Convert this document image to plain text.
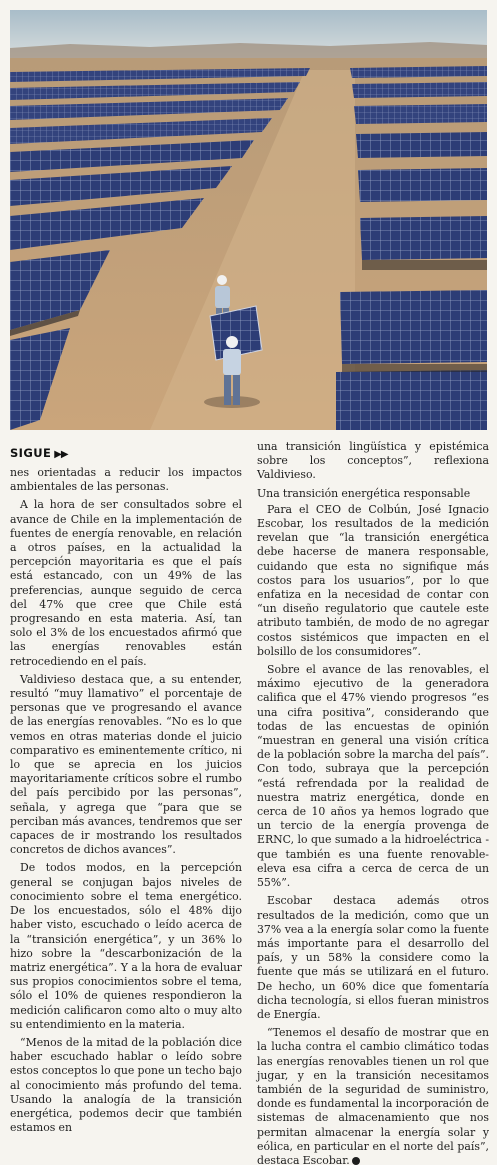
SIGUE ▶▶

nes orientadas a reducir los impactos ambientales de las personas.

A la hora de ser consultados sobre el avance de Chile en la implementación de fuentes de energía renovable, en relación a otros países, en la actualidad la percepción mayoritaria es que el país está estancado, con un 49% de las preferencias, aunque seguido de cerca del 47% que cree que Chile está progresando en esta materia. Así, tan solo el 3% de los encuestados afirmó que las energías renovables están retrocediendo en el país.

Valdivieso destaca que, a su entender, resultó “muy llamativo” el porcentaje de personas que ve progresando el avance de las energías renovables. “No es lo que vemos en otras materias donde el juicio comparativo es eminentemente crítico, ni lo que se aprecia en los juicios mayoritariamente críticos sobre el rumbo del país percibido por las personas”, señala, y agrega que “para que se perciban más avances, tendremos que ser capaces de ir mostrando los resultados concretos de dichos avances”.

De todos modos, en la percepción general se conjugan bajos niveles de conocimiento sobre el tema energético. De los encuestados, sólo el 48% dijo haber visto, escuchado o leído acerca de la “transición energética”, y un 36% lo hizo sobre la “descarbonización de la matriz energética”. Y a la hora de evaluar sus propios conocimientos sobre el tema, sólo el 10% de quienes respondieron la medición calificaron como alto o muy alto su entendimiento en la materia.

“Menos de la mitad de la población dice haber escuchado hablar o leído sobre estos conceptos lo que pone un techo bajo al conocimiento más profundo del tema. Usando la analogía de la transición energética, podemos decir que también estamos en

una transición lingüística y epistémica sobre los conceptos”, reflexiona Valdivieso.

Una transición energética responsable

Para el CEO de Colbún, José Ignacio Escobar, los resultados de la medición revelan que “la transición energética debe hacerse de manera responsable, cuidando que esta no signifique más costos para los usuarios”, por lo que enfatiza en la necesidad de contar con “un diseño regulatorio que cautele este atributo también, de modo de no agregar costos sistémicos que impacten en el bolsillo de los consumidores”.

Sobre el avance de las renovables, el máximo ejecutivo de la generadora califica que el 47% viendo progresos “es una cifra positiva”, considerando que todas de las encuestas de opinión “muestran en general una visión crítica de la población sobre la marcha del país”. Con todo, subraya que la percepción “está refrendada por la realidad de nuestra matriz energética, donde en cerca de 10 años ya hemos logrado que un tercio de la energía provenga de ERNC, lo que sumado a la hidroeléctrica -que también es una fuente renovable- eleva esa cifra a cerca de cerca de un 55%”.

Escobar destaca además otros resultados de la medición, como que un 37% vea a la energía solar como la fuente más importante para el desarrollo del país, y un 58% la considere como la fuente que más se utilizará en el futuro. De hecho, un 60% dice que fomentaría dicha tecnología, si ellos fueran ministros de Energía.

“Tenemos el desafío de mostrar que en la lucha contra el cambio climático todas las energías renovables tienen un rol que jugar, y en la transición necesitamos también de la seguridad de suministro, donde es fundamental la incorporación de sistemas de almacenamiento que nos permitan almacenar la energía solar y eólica, en particular en el norte del país”, destaca Escobar.
